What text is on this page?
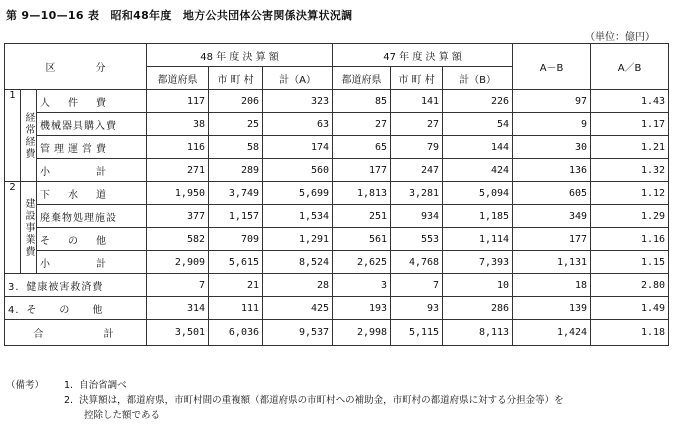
第 9—10—16 表　昭和48年度　地方公共団体公害関係決算状況調
（単位：億円）
区　　　　分			48 年 度 決 算 額			47 年 度 決 算 額			A－B	A／B
			都道府県	市 町 村	計（A）	都道府県	市 町 村	計（B）		
1	経常経費	人　件　費	117	206	323	85	141	226	97	1.43
		機械器具購入費	38	25	63	27	27	54	9	1.17
		管理運営費	116	58	174	65	79	144	30	1.21
		小　　　計	271	289	560	177	247	424	136	1.32
2	建設事業費	下　水　道	1,950	3,749	5,699	1,813	3,281	5,094	605	1.12
		廃棄物処理施設	377	1,157	1,534	251	934	1,185	349	1.29
		そ　の　他	582	709	1,291	561	553	1,114	177	1.16
		小　　　計	2,909	5,615	8,524	2,625	4,768	7,393	1,131	1.15
3．健康被害救済費			7	21	28	3	7	10	18	2.80
4．そ　　の　　他			314	111	425	193	93	286	139	1.49
合　　　　計			3,501	6,036	9,537	2,998	5,115	8,113	1,424	1.18
（備考） 1. 自治省調べ
2. 決算額は，都道府県，市町村間の重複額（都道府県の市町村への補助金，市町村の都道府県に対する分担金等）を
控除した額である
